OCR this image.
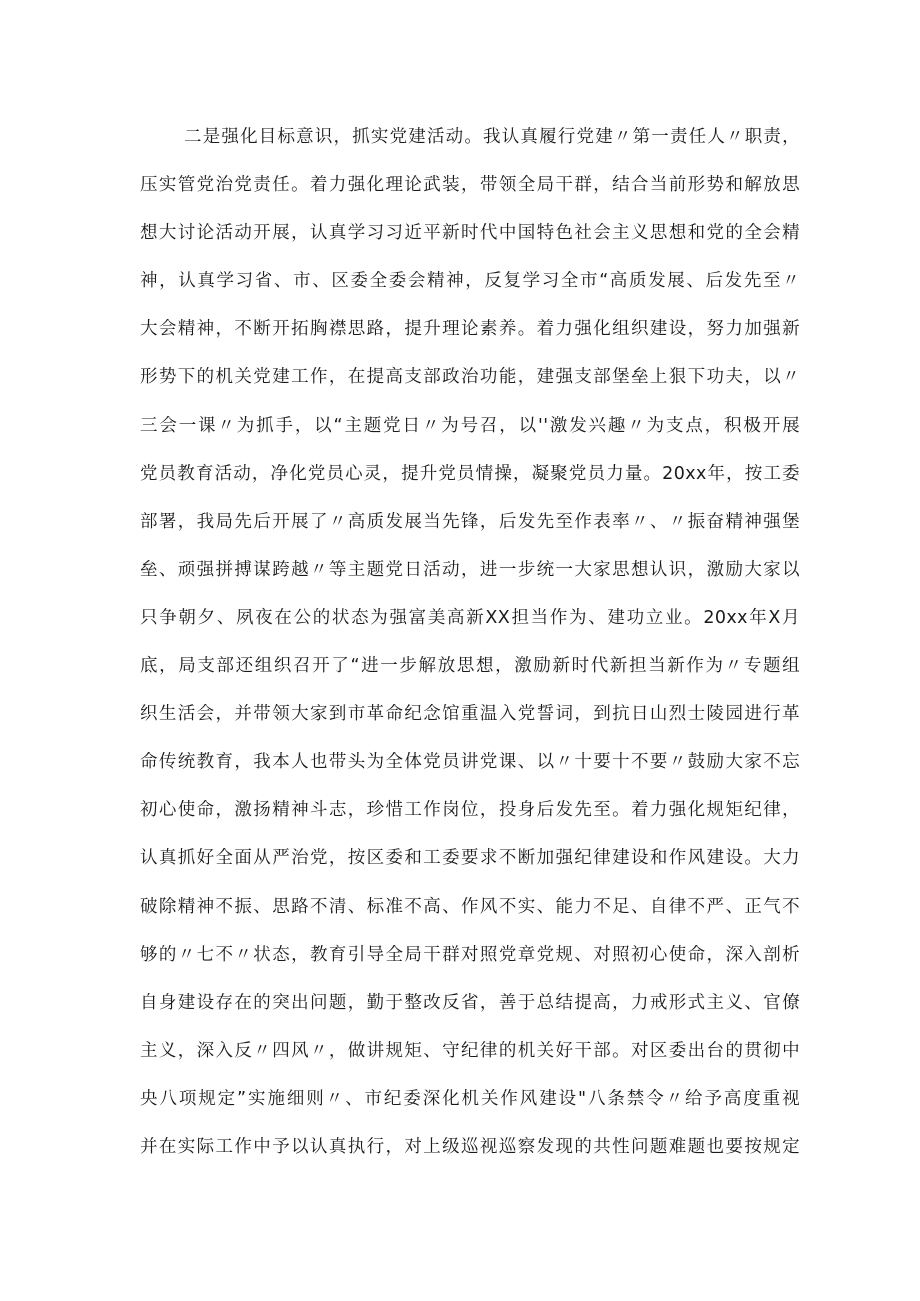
二是强化目标意识，抓实党建活动。我认真履行党建〃第一责任人〃职责，
压实管党治党责任。着力强化理论武装，带领全局干群，结合当前形势和解放思
想大讨论活动开展，认真学习习近平新时代中国特色社会主义思想和党的全会精
神，认真学习省、市、区委全委会精神，反复学习全市“高质发展、后发先至〃
大会精神，不断开拓胸襟思路，提升理论素养。着力强化组织建设，努力加强新
形势下的机关党建工作，在提高支部政治功能，建强支部堡垒上狠下功夫，以〃
三会一课〃为抓手，以“主题党日〃为号召，以''激发兴趣〃为支点，积极开展
党员教育活动，净化党员心灵，提升党员情操，凝聚党员力量。20xx年，按工委
部署，我局先后开展了〃高质发展当先锋，后发先至作表率〃、〃振奋精神强堡
垒、顽强拼搏谋跨越〃等主题党日活动，进一步统一大家思想认识，激励大家以
只争朝夕、夙夜在公的状态为强富美高新XX担当作为、建功立业。20xx年X月
底，局支部还组织召开了“进一步解放思想，激励新时代新担当新作为〃专题组
织生活会，并带领大家到市革命纪念馆重温入党誓词，到抗日山烈士陵园进行革
命传统教育，我本人也带头为全体党员讲党课、以〃十要十不要〃鼓励大家不忘
初心使命，激扬精神斗志，珍惜工作岗位，投身后发先至。着力强化规矩纪律，
认真抓好全面从严治党，按区委和工委要求不断加强纪律建设和作风建设。大力
破除精神不振、思路不清、标准不高、作风不实、能力不足、自律不严、正气不
够的〃七不〃状态，教育引导全局干群对照党章党规、对照初心使命，深入剖析
自身建设存在的突出问题，勤于整改反省，善于总结提高，力戒形式主义、官僚
主义，深入反〃四风〃，做讲规矩、守纪律的机关好干部。对区委出台的贯彻中
央八项规定”实施细则〃、市纪委深化机关作风建设"八条禁令〃给予高度重视
并在实际工作中予以认真执行，对上级巡视巡察发现的共性问题难题也要按规定
